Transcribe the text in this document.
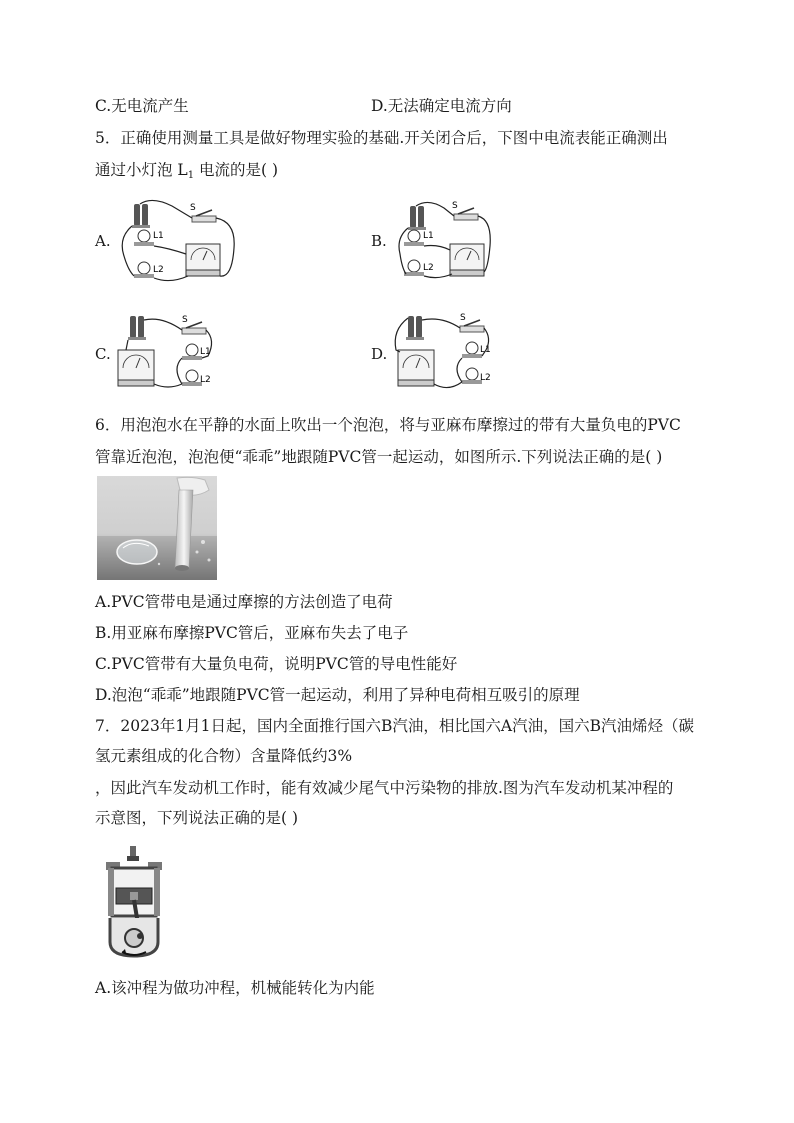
C.无电流产生	D.无法确定电流方向
5．正确使用测量工具是做好物理实验的基础.开关闭合后，下图中电流表能正确测出
通过小灯泡 $L_1$ 电流的是( )
A.	B.
C.	D.
S
L1
L2
S
L1
L2
S
L1
L2
S
L1
L2
6．用泡泡水在平静的水面上吹出一个泡泡，将与亚麻布摩擦过的带有大量负电的PVC
管靠近泡泡，泡泡便“乖乖”地跟随PVC管一起运动，如图所示.下列说法正确的是( )
A.PVC管带电是通过摩擦的方法创造了电荷
B.用亚麻布摩擦PVC管后，亚麻布失去了电子
C.PVC管带有大量负电荷，说明PVC管的导电性能好
D.泡泡“乖乖”地跟随PVC管一起运动，利用了异种电荷相互吸引的原理
7．2023年1月1日起，国内全面推行国六B汽油，相比国六A汽油，国六B汽油烯烃（碳
氢元素组成的化合物）含量降低约3%
，因此汽车发动机工作时，能有效减少尾气中污染物的排放.图为汽车发动机某冲程的
示意图，下列说法正确的是( )
A.该冲程为做功冲程，机械能转化为内能
